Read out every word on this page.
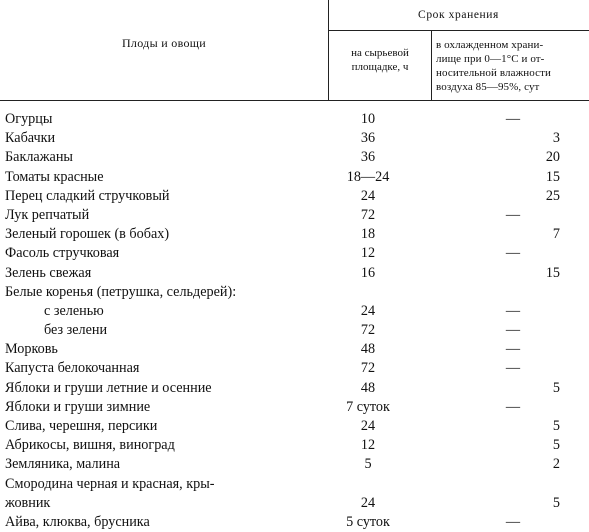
Плоды и овощи
Срок хранения
на сырьевой
площадке, ч
в охлажденном храни-
лище при 0—1°С и от-
носительной влажности
воздуха 85—95%, сут
Огурцы	10	—
Кабачки	36	3
Баклажаны	36	20
Томаты красные	18—24	15
Перец сладкий стручковый	24	25
Лук репчатый	72	—
Зеленый горошек (в бобах)	18	7
Фасоль стручковая	12	—
Зелень свежая	16	15
Белые коренья (петрушка, сельдерей):
с зеленью	24	—
без зелени	72	—
Морковь	48	—
Капуста белокочанная	72	—
Яблоки и груши летние и осенние	48	5
Яблоки и груши зимние	7 суток	—
Слива, черешня, персики	24	5
Абрикосы, вишня, виноград	12	5
Земляника, малина	5	2
Смородина черная и красная, кры-
жовник	24	5
Айва, клюква, брусника	5 суток	—
